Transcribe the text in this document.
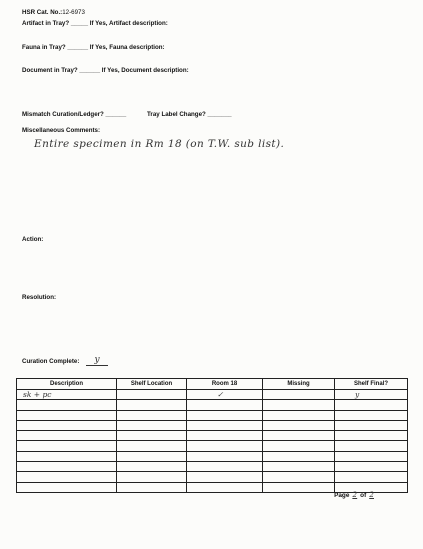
HSR Cat. No.:12-6973
Artifact in Tray? _____ If Yes, Artifact description:
Fauna in Tray? ______ If Yes, Fauna description:
Document in Tray? ______ If Yes, Document description:
Mismatch Curation/Ledger? ______	Tray Label Change? _______
Miscellaneous Comments:
Entire specimen in Rm 18 (on T.W. sub list).
Action:
Resolution:
Curation Complete:	y
Description	Shelf Location	Room 18	Missing	Shelf Final?

sk + pc		✓		y

Page 2 of 2
